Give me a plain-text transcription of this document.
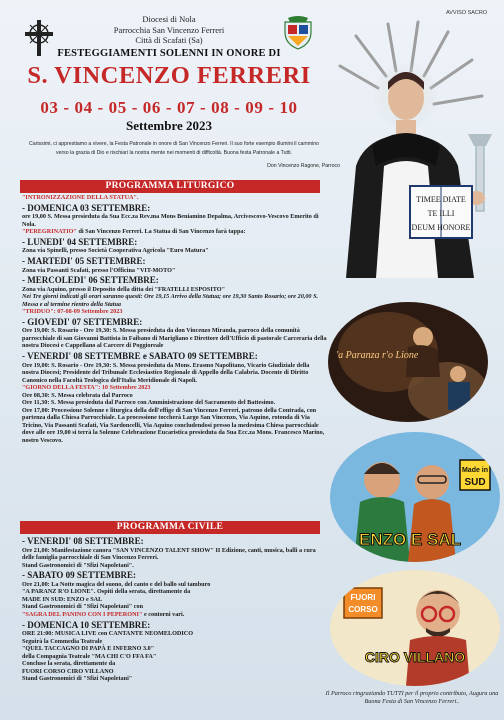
Diocesi di Nola
Parrocchia San Vincenzo Ferreri
Città di Scafati (Sa)
AVVISO SACRO
FESTEGGIAMENTI SOLENNI IN ONORE DI
S. VINCENZO FERRERI
03 - 04 - 05 - 06 - 07 - 08 - 09 - 10
Settembre 2023
Carissimi, ci apprestiamo a vivere, la Festa Patronale in onore di San Vincenzo Ferreri. Il suo forte esempio illumini il cammino verso la grazia di Dio e rischiari la nostra mente nei momenti di difficoltà. Buona festa Patronale a Tutti.
Don Vincenzo Ragone, Parroco
TIMEE DIATE
TE ILLI
DEUM HONORE
PROGRAMMA LITURGICO
"INTRONIZZAZIONE DELLA STATUA".
- DOMENICA 03 SETTEMBRE:
ore 19,00 S. Messa presieduta da Sua Ecc.za Rev.ma Mons Beniamino Depalma, Arcivescovo-Vescovo Emerito di Nola.
"PEREGRINATIO" di San Vincenzo Ferreri. La Statua di San Vincenzo farà tappa:
- LUNEDI' 04 SETTEMBRE:
Zona via Spinelli, presso Società Cooperativa Agricola "Euro Matura"
- MARTEDI' 05 SETTEMBRE:
Zona via Passanti Scafati, presso l'Officina "VIT-MOTO"
- MERCOLEDI' 06 SETTEMBRE:
Zona via Aquino, presso il Deposito della ditta dei "FRATELLI ESPOSITO"
Nei Tre giorni indicati gli orari saranno questi: Ore 19,15 Arrivo della Statua; ore 19,30 Santo Rosario; ore 20,00 S. Messa e al termine rientro della Statua
"TRIDUO": 07-08-09 Settembre 2023
- GIOVEDI' 07 SETTEMBRE:
Ore 19,00: S. Rosario - Ore 19,30: S. Messa presieduta da don Vincenzo Miranda, parroco della comunità parrocchiale di san Giovanni Battista in Faibano di Marigliano e Direttore dell'Ufficio di pastorale Carceraria della nostra Diocesi e Cappellano al Carcere di Poggioreale
- VENERDI' 08 SETTEMBRE e SABATO 09 SETTEMBRE:
Ore 19,00: S. Rosario - Ore 19,30: S. Messa presieduta da Mons. Erasmo Napolitano, Vicario Giudiziale della nostra Diocesi; Presidente del Tribunale Ecclesiastico Regionale di Appello della Calabria. Docente di Diritto Canonico nella Facoltà Teologica dell'Italia Meridionale di Napoli.
"GIORNO DELLA FESTA": 10 Settembre 2023
Ore 08,30: S. Messa celebrata dal Parroco
Ore 11,30: S. Messa presieduta dal Parroco con Amministrazione del Sacramento del Battesimo.
Ore 17,00: Processione Solenne e liturgica della dell'effige di San Vincenzo Ferreri, patrono della Contrada, con partenza dalla Chiesa Parrocchiale. La processione toccherà Largo San Vincenzo, Via Aquino, rotonda di Via Tricino, Via Passanti Scafati, Via Sardoncelli, Via Aquino concludendosi presso la medesima Chiesa parrocchiale dove alle ore 19,00 si terrà la Solenne Celebrazione Eucaristica presieduta da Sua Ecc.za Mons. Francesco Marino, nostro Vescovo.
PROGRAMMA CIVILE
- VENERDI' 08 SETTEMBRE:
Ore 21,00: Manifestazione canora "SAN VINCENZO TALENT SHOW" II Edizione, canti, musica, balli a cura delle famiglia parrocchiale di San Vincenzo Ferreri.
Stand Gastronomici di "Sfizi Napoletani".
- SABATO 09 SETTEMBRE:
Ore 21,00: La Notte magica del suono, del canto e del ballo sul tamburo
"A PARANZ R'O LIONE". Ospiti della serata, direttamente da
MADE IN SUD: ENZO e SAL
Stand Gastronomici di "Sfizi Napoletani" con
"SAGRA DEL PANINO CON I PEPERONI" e contorni vari.
- DOMENICA 10 SETTEMBRE:
ORE 21:00: MUSICA LIVE con CANTANTE NEOMELODICO
Seguirà la Commedia Teatrale
"QUEL TACCAGNO DI PAPÀ E INFERNO 3.0"
della Compagnia Teatrale "MA CHI C'O FFA FA"
Concluse la serata, direttamente da
FUORI CORSO CIRO VILLANO
Stand Gastronomici di "Sfizi Napoletani"
'a Paranza r'o Lione
Made in
SUD
ENZO E SAL
FUORI
CORSO
CIRO VILLANO
Il Parroco ringraziando TUTTI per il proprio contributo, Augura una Buona Festa di San Vincenzo Ferreri..
